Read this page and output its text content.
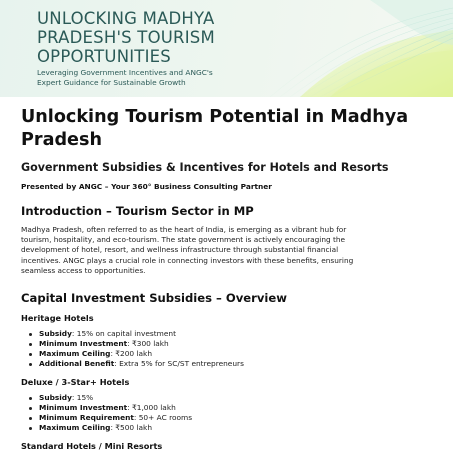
UNLOCKING MADHYA
PRADESH'S TOURISM
OPPORTUNITIES
Leveraging Government Incentives and ANGC's
Expert Guidance for Sustainable Growth
Unlocking Tourism Potential in Madhya Pradesh
Government Subsidies & Incentives for Hotels and Resorts
Presented by ANGC – Your 360° Business Consulting Partner
Introduction – Tourism Sector in MP
Madhya Pradesh, often referred to as the heart of India, is emerging as a vibrant hub for
tourism, hospitality, and eco-tourism. The state government is actively encouraging the
development of hotel, resort, and wellness infrastructure through substantial financial
incentives. ANGC plays a crucial role in connecting investors with these benefits, ensuring
seamless access to opportunities.
Capital Investment Subsidies – Overview
Heritage Hotels
Subsidy: 15% on capital investment
Minimum Investment: ₹300 lakh
Maximum Ceiling: ₹200 lakh
Additional Benefit: Extra 5% for SC/ST entrepreneurs
Deluxe / 3-Star+ Hotels
Subsidy: 15%
Minimum Investment: ₹1,000 lakh
Minimum Requirement: 50+ AC rooms
Maximum Ceiling: ₹500 lakh
Standard Hotels / Mini Resorts
